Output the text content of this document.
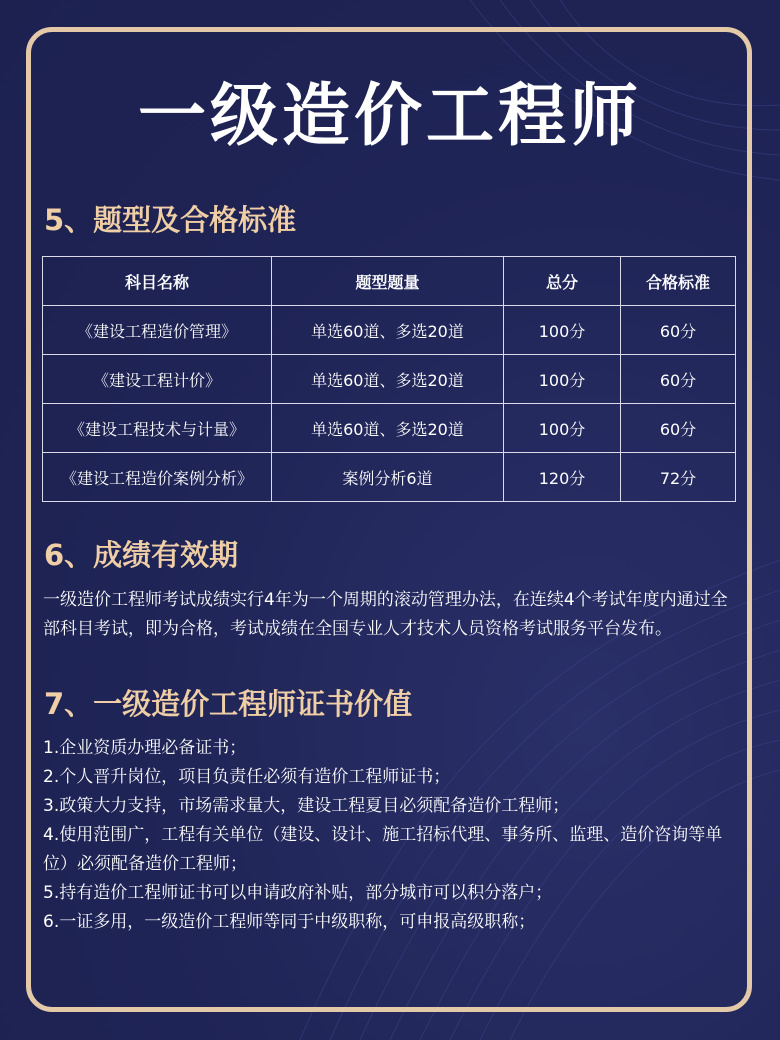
一级造价工程师
5、题型及合格标准
科目名称	题型题量	总分	合格标准
《建设工程造价管理》	单选60道、多选20道	100分	60分
《建设工程计价》	单选60道、多选20道	100分	60分
《建设工程技术与计量》	单选60道、多选20道	100分	60分
《建设工程造价案例分析》	案例分析6道	120分	72分
6、成绩有效期
一级造价工程师考试成绩实行4年为一个周期的滚动管理办法，在连续4个考试年度内通过全部科目考试，即为合格，考试成绩在全国专业人才技术人员资格考试服务平台发布。
7、一级造价工程师证书价值
1.企业资质办理必备证书；
2.个人晋升岗位，项目负责任必须有造价工程师证书；
3.政策大力支持，市场需求量大，建设工程夏目必须配备造价工程师；
4.使用范围广，工程有关单位（建设、设计、施工招标代理、事务所、监理、造价咨询等单位）必须配备造价工程师；
5.持有造价工程师证书可以申请政府补贴，部分城市可以积分落户；
6.一证多用，一级造价工程师等同于中级职称，可申报高级职称；
